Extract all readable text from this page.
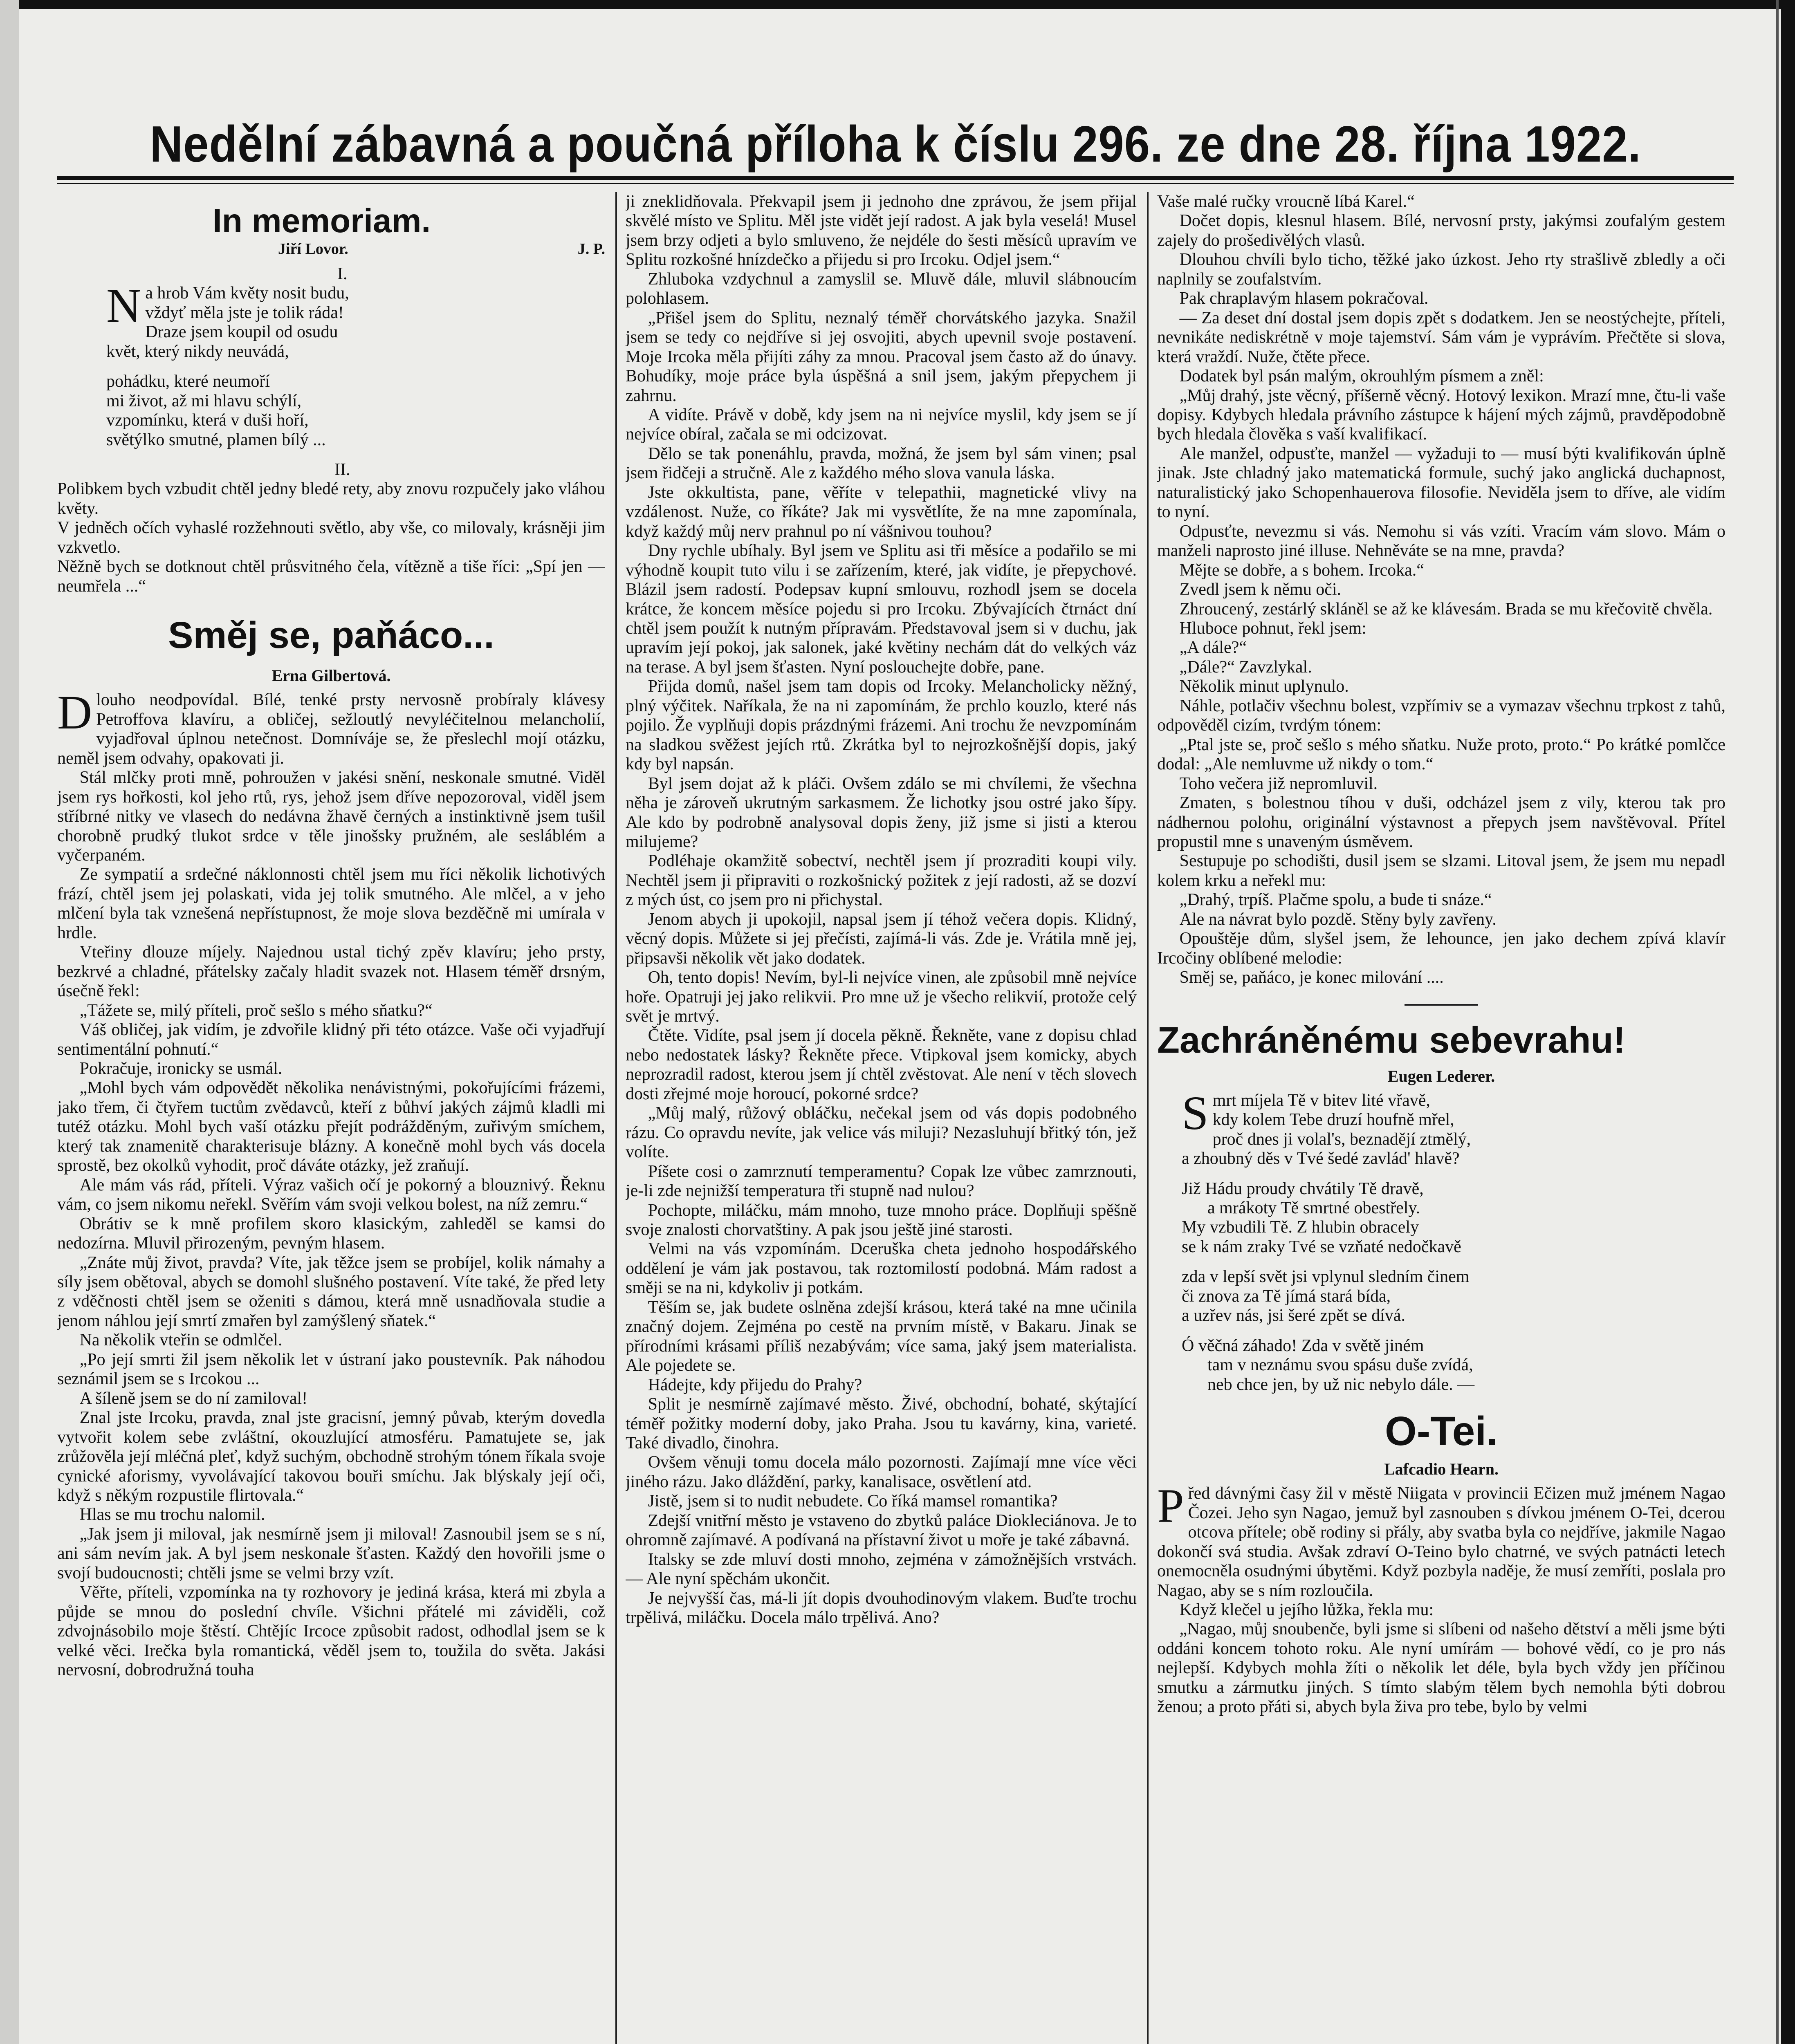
Nedělní zábavná a poučná příloha k číslu 296. ze dne 28. října 1922.
In memoriam.
Jiří Lovor.	J. P.

I.

N a hrob Vám květy nosit budu,

vždyť měla jste je tolik ráda!

Draze jsem koupil od osudu

květ, který nikdy neuvádá,

pohádku, které neumoří

mi život, až mi hlavu schýlí,

vzpomínku, která v duši hoří,

světýlko smutné, plamen bílý ...

II.

Polibkem bych vzbudit chtěl jedny bledé rety, aby znovu rozpučely jako vláhou květy.

V jedněch očích vyhaslé rozžehnouti světlo, aby vše, co milovaly, krásněji jim vzkvetlo.

Něžně bych se dotknout chtěl průsvitného čela, vítězně a tiše říci: „Spí jen — neumřela ...“

Směj se, paňáco...
Erna Gilbertová.
D louho neodpovídal. Bílé, tenké prsty nervosně probíraly klávesy Petroffova klavíru, a obličej, sežloutlý nevyléčitelnou melancholií, vyjadřoval úplnou netečnost. Domníváje se, že přeslechl mojí otázku, neměl jsem odvahy, opakovati ji.

Stál mlčky proti mně, pohroužen v jakési snění, neskonale smutné. Viděl jsem rys hořkosti, kol jeho rtů, rys, jehož jsem dříve nepozoroval, viděl jsem stříbrné nitky ve vlasech do nedávna žhavě černých a instinktivně jsem tušil chorobně prudký tlukot srdce v těle jinošsky pružném, ale sesláblém a vyčerpaném.

Ze sympatií a srdečné náklonnosti chtěl jsem mu říci několik lichotivých frází, chtěl jsem jej polaskati, vida jej tolik smutného. Ale mlčel, a v jeho mlčení byla tak vznešená nepřístupnost, že moje slova bezděčně mi umírala v hrdle.

Vteřiny dlouze míjely. Najednou ustal tichý zpěv klavíru; jeho prsty, bezkrvé a chladné, přátelsky začaly hladit svazek not. Hlasem téměř drsným, úsečně řekl:

„Tážete se, milý příteli, proč sešlo s mého sňatku?“

Váš obličej, jak vidím, je zdvořile klidný při této otázce. Vaše oči vyjadřují sentimentální pohnutí.“

Pokračuje, ironicky se usmál.

„Mohl bych vám odpovědět několika nenávistnými, pokořujícími frázemi, jako třem, či čtyřem tuctům zvědavců, kteří z bůhví jakých zájmů kladli mi tutéž otázku. Mohl bych vaší otázku přejít podrážděným, zuřivým smíchem, který tak znamenitě charakterisuje blázny. A konečně mohl bych vás docela sprostě, bez okolků vyhodit, proč dáváte otázky, jež zraňují.

Ale mám vás rád, příteli. Výraz vašich očí je pokorný a blouznivý. Řeknu vám, co jsem nikomu neřekl. Svěřím vám svoji velkou bolest, na níž zemru.“

Obrátiv se k mně profilem skoro klasickým, zahleděl se kamsi do nedozírna. Mluvil přirozeným, pevným hlasem.

„Znáte můj život, pravda? Víte, jak těžce jsem se probíjel, kolik námahy a síly jsem obětoval, abych se domohl slušného postavení. Víte také, že před lety z vděčnosti chtěl jsem se oženiti s dámou, která mně usnadňovala studie a jenom náhlou její smrtí zmařen byl zamýšlený sňatek.“

Na několik vteřin se odmlčel.

„Po její smrti žil jsem několik let v ústraní jako poustevník. Pak náhodou seznámil jsem se s Ircokou ...

A šíleně jsem se do ní zamiloval!

Znal jste Ircoku, pravda, znal jste gracisní, jemný půvab, kterým dovedla vytvořit kolem sebe zvláštní, okouzlující atmosféru. Pamatujete se, jak zrůžověla její mléčná pleť, když suchým, obchodně strohým tónem říkala svoje cynické aforismy, vyvolávající takovou bouři smíchu. Jak blýskaly její oči, když s někým rozpustile flirtovala.“

Hlas se mu trochu nalomil.

„Jak jsem ji miloval, jak nesmírně jsem ji miloval! Zasnoubil jsem se s ní, ani sám nevím jak. A byl jsem neskonale šťasten. Každý den hovořili jsme o svojí budoucnosti; chtěli jsme se velmi brzy vzít.

Věřte, příteli, vzpomínka na ty rozhovory je jediná krása, která mi zbyla a půjde se mnou do poslední chvíle. Všichni přátelé mi záviděli, což zdvojnásobilo moje štěstí. Chtějíc Ircoce způsobit radost, odhodlal jsem se k velké věci. Irečka byla romantická, věděl jsem to, toužila do světa. Jakási nervosní, dobrodružná touha

ji zneklidňovala. Překvapil jsem ji jednoho dne zprávou, že jsem přijal skvělé místo ve Splitu. Měl jste vidět její radost. A jak byla veselá! Musel jsem brzy odjeti a bylo smluveno, že nejdéle do šesti měsíců upravím ve Splitu rozkošné hnízdečko a přijedu si pro Ircoku. Odjel jsem.“

Zhluboka vzdychnul a zamyslil se. Mluvě dále, mluvil slábnoucím polohlasem.

„Přišel jsem do Splitu, neznalý téměř chorvátského jazyka. Snažil jsem se tedy co nejdříve si jej osvojiti, abych upevnil svoje postavení. Moje Ircoka měla přijíti záhy za mnou. Pracoval jsem často až do únavy. Bohudíky, moje práce byla úspěšná a snil jsem, jakým přepychem ji zahrnu.

A vidíte. Právě v době, kdy jsem na ni nejvíce myslil, kdy jsem se jí nejvíce obíral, začala se mi odcizovat.

Dělo se tak ponenáhlu, pravda, možná, že jsem byl sám vinen; psal jsem řidčeji a stručně. Ale z každého mého slova vanula láska.

Jste okkultista, pane, věříte v telepathii, magnetické vlivy na vzdálenost. Nuže, co říkáte? Jak mi vysvětlíte, že na mne zapomínala, když každý můj nerv prahnul po ní vášnivou touhou?

Dny rychle ubíhaly. Byl jsem ve Splitu asi tři měsíce a podařilo se mi výhodně koupit tuto vilu i se zařízením, které, jak vidíte, je přepychové. Blázil jsem radostí. Podepsav kupní smlouvu, rozhodl jsem se docela krátce, že koncem měsíce pojedu si pro Ircoku. Zbývajících čtrnáct dní chtěl jsem použít k nutným přípravám. Představoval jsem si v duchu, jak upravím její pokoj, jak salonek, jaké květiny nechám dát do velkých váz na terase. A byl jsem šťasten. Nyní poslouchejte dobře, pane.

Přijda domů, našel jsem tam dopis od Ircoky. Melancholicky něžný, plný výčitek. Naříkala, že na ni zapomínám, že prchlo kouzlo, které nás pojilo. Že vyplňuji dopis prázdnými frázemi. Ani trochu že nevzpomínám na sladkou svěžest jejích rtů. Zkrátka byl to nejrozkošnější dopis, jaký kdy byl napsán.

Byl jsem dojat až k pláči. Ovšem zdálo se mi chvílemi, že všechna něha je zároveň ukrutným sarkasmem. Že lichotky jsou ostré jako šípy. Ale kdo by podrobně analysoval dopis ženy, již jsme si jisti a kterou milujeme?

Podléhaje okamžitě sobectví, nechtěl jsem jí prozraditi koupi vily. Nechtěl jsem ji připraviti o rozkošnický požitek z její radosti, až se dozví z mých úst, co jsem pro ni přichystal.

Jenom abych ji upokojil, napsal jsem jí téhož večera dopis. Klidný, věcný dopis. Můžete si jej přečísti, zajímá-li vás. Zde je. Vrátila mně jej, připsavši několik vět jako dodatek.

Oh, tento dopis! Nevím, byl-li nejvíce vinen, ale způsobil mně nejvíce hoře. Opatruji jej jako relikvii. Pro mne už je všecho relikvií, protože celý svět je mrtvý.

Čtěte. Vidíte, psal jsem jí docela pěkně. Řekněte, vane z dopisu chlad nebo nedostatek lásky? Řekněte přece. Vtipkoval jsem komicky, abych neprozradil radost, kterou jsem jí chtěl zvěstovat. Ale není v těch slovech dosti zřejmé moje horoucí, pokorné srdce?

„Můj malý, růžový obláčku, nečekal jsem od vás dopis podobného rázu. Co opravdu nevíte, jak velice vás miluji? Nezasluhují břitký tón, jež volíte.

Píšete cosi o zamrznutí temperamentu? Copak lze vůbec zamrznouti, je-li zde nejnižší temperatura tři stupně nad nulou?

Pochopte, miláčku, mám mnoho, tuze mnoho práce. Doplňuji spěšně svoje znalosti chorvatštiny. A pak jsou ještě jiné starosti.

Velmi na vás vzpomínám. Dceruška cheta jednoho hospodářského oddělení je vám jak postavou, tak roztomilostí podobná. Mám radost a směji se na ni, kdykoliv ji potkám.

Těším se, jak budete oslněna zdejší krásou, která také na mne učinila značný dojem. Zejména po cestě na prvním místě, v Bakaru. Jinak se přírodními krásami příliš nezabývám; více sama, jaký jsem materialista. Ale pojedete se.

Hádejte, kdy přijedu do Prahy?

Split je nesmírně zajímavé město. Živé, obchodní, bohaté, skýtající téměř požitky moderní doby, jako Praha. Jsou tu kavárny, kina, varieté. Také divadlo, činohra.

Ovšem věnuji tomu docela málo pozornosti. Zajímají mne více věci jiného rázu. Jako dláždění, parky, kanalisace, osvětlení atd.

Jistě, jsem si to nudit nebudete. Co říká mamsel romantika?

Zdejší vnitřní město je vstaveno do zbytků paláce Diokleciánova. Je to ohromně zajímavé. A podívaná na přístavní život u moře je také zábavná.

Italsky se zde mluví dosti mnoho, zejména v zámožnějších vrstvách. — Ale nyní spěchám ukončit.

Je nejvyšší čas, má-li jít dopis dvouhodinovým vlakem. Buďte trochu trpělivá, miláčku. Docela málo trpělivá. Ano?

Vaše malé ručky vroucně líbá Karel.“

Dočet dopis, klesnul hlasem. Bílé, nervosní prsty, jakýmsi zoufalým gestem zajely do prošedivělých vlasů.

Dlouhou chvíli bylo ticho, těžké jako úzkost. Jeho rty strašlivě zbledly a oči naplnily se zoufalstvím.

Pak chraplavým hlasem pokračoval.

— Za deset dní dostal jsem dopis zpět s dodatkem. Jen se neostýchejte, příteli, nevnikáte nediskrétně v moje tajemství. Sám vám je vyprávím. Přečtěte si slova, která vraždí. Nuže, čtěte přece.

Dodatek byl psán malým, okrouhlým písmem a zněl:

„Můj drahý, jste věcný, příšerně věcný. Hotový lexikon. Mrazí mne, čtu-li vaše dopisy. Kdybych hledala právního zástupce k hájení mých zájmů, pravděpodobně bych hledala člověka s vaší kvalifikací.

Ale manžel, odpusťte, manžel — vyžaduji to — musí býti kvalifikován úplně jinak. Jste chladný jako matematická formule, suchý jako anglická duchapnost, naturalistický jako Schopenhauerova filosofie. Neviděla jsem to dříve, ale vidím to nyní.

Odpusťte, nevezmu si vás. Nemohu si vás vzíti. Vracím vám slovo. Mám o manželi naprosto jiné illuse. Nehněváte se na mne, pravda?

Mějte se dobře, a s bohem. Ircoka.“

Zvedl jsem k němu oči.

Zhroucený, zestárlý skláněl se až ke klávesám. Brada se mu křečovitě chvěla.

Hluboce pohnut, řekl jsem:

„A dále?“

„Dále?“ Zavzlykal.

Několik minut uplynulo.

Náhle, potlačiv všechnu bolest, vzpřímiv se a vymazav všechnu trpkost z tahů, odpověděl cizím, tvrdým tónem:

„Ptal jste se, proč sešlo s mého sňatku. Nuže proto, proto.“ Po krátké pomlčce dodal: „Ale nemluvme už nikdy o tom.“

Toho večera již nepromluvil.

Zmaten, s bolestnou tíhou v duši, odcházel jsem z vily, kterou tak pro nádhernou polohu, originální výstavnost a přepych jsem navštěvoval. Přítel propustil mne s unaveným úsměvem.

Sestupuje po schodišti, dusil jsem se slzami. Litoval jsem, že jsem mu nepadl kolem krku a neřekl mu:

„Drahý, trpíš. Plačme spolu, a bude ti snáze.“

Ale na návrat bylo pozdě. Stěny byly zavřeny.

Opouštěje dům, slyšel jsem, že lehounce, jen jako dechem zpívá klavír Ircočiny oblíbené melodie:

Směj se, paňáco, je konec milování ....

Zachráněnému sebevrahu!
Eugen Lederer.
S mrt míjela Tě v bitev lité vřavě,

kdy kolem Tebe druzí houfně mřel,

proč dnes ji volal's, beznadějí ztmělý,

a zhoubný děs v Tvé šedé zavlád' hlavě?

Již Hádu proudy chvátily Tě dravě,

a mrákoty Tě smrtné obestřely.

My vzbudili Tě. Z hlubin obracely

se k nám zraky Tvé se vzňaté nedočkavě

zda v lepší svět jsi vplynul sledním činem

či znova za Tě jímá stará bída,

a uzřev nás, jsi šeré zpět se dívá.

Ó věčná záhado! Zda v světě jiném

tam v neznámu svou spásu duše zvídá,

neb chce jen, by už nic nebylo dále. —

O-Tei.
Lafcadio Hearn.
P řed dávnými časy žil v městě Niigata v provincii Ečizen muž jménem Nagao Čozei. Jeho syn Nagao, jemuž byl zasnouben s dívkou jménem O-Tei, dcerou otcova přítele; obě rodiny si přály, aby svatba byla co nejdříve, jakmile Nagao dokončí svá studia. Avšak zdraví O-Teino bylo chatrné, ve svých patnácti letech onemocněla osudnými úbytěmi. Když pozbyla naděje, že musí zemříti, poslala pro Nagao, aby se s ním rozloučila.

Když klečel u jejího lůžka, řekla mu:

„Nagao, můj snoubenče, byli jsme si slíbeni od našeho dětství a měli jsme býti oddáni koncem tohoto roku. Ale nyní umírám — bohové vědí, co je pro nás nejlepší. Kdybych mohla žíti o několik let déle, byla bych vždy jen příčinou smutku a zármutku jiných. S tímto slabým tělem bych nemohla býti dobrou ženou; a proto přáti si, abych byla živa pro tebe, bylo by velmi
